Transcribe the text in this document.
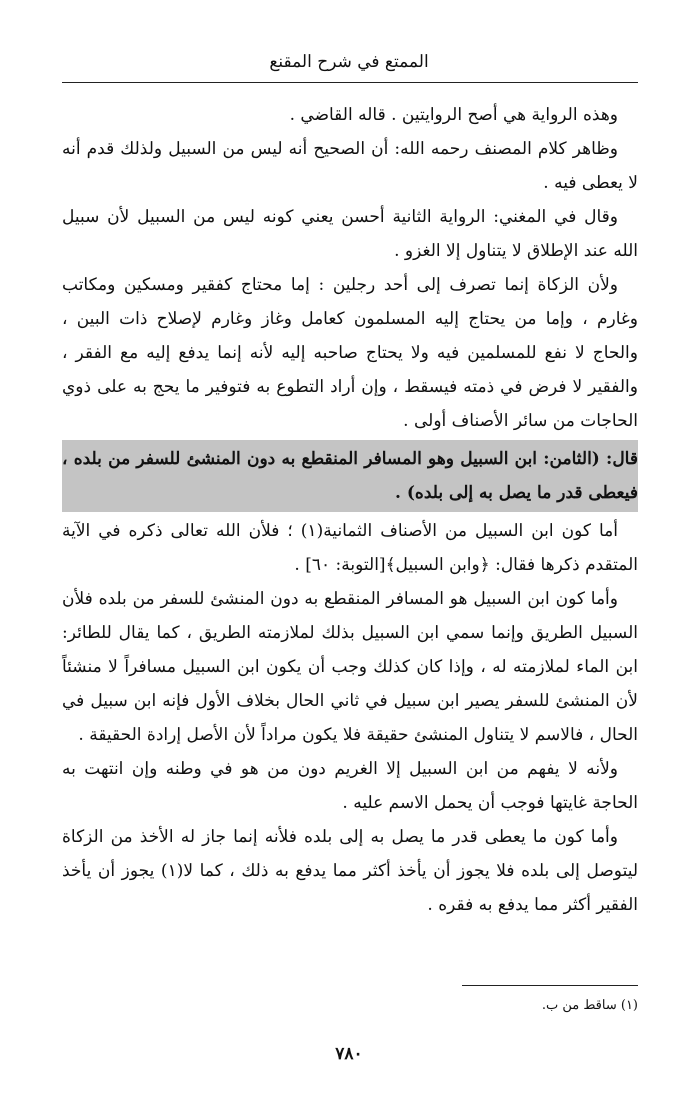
الممتع في شرح المقنع

وهذه الرواية هي أصح الروايتين . قاله القاضي .

وظاهر كلام المصنف رحمه الله: أن الصحيح أنه ليس من السبيل ولذلك قدم أنه لا يعطى فيه .

وقال في المغني: الرواية الثانية أحسن يعني كونه ليس من السبيل لأن سبيل الله عند الإطلاق لا يتناول إلا الغزو .

ولأن الزكاة إنما تصرف إلى أحد رجلين : إما محتاج كفقير ومسكين ومكاتب وغارم ، وإما من يحتاج إليه المسلمون كعامل وغاز وغارم لإصلاح ذات البين ، والحاج لا نفع للمسلمين فيه ولا يحتاج صاحبه إليه لأنه إنما يدفع إليه مع الفقر ، والفقير لا فرض في ذمته فيسقط ، وإن أراد التطوع به فتوفير ما يحج به على ذوي الحاجات من سائر الأصناف أولى .

قال: (الثامن: ابن السبيل وهو المسافر المنقطع به دون المنشئ للسفر من بلده ، فيعطى قدر ما يصل به إلى بلده) .

أما كون ابن السبيل من الأصناف الثمانية(١) ؛ فلأن الله تعالى ذكره في الآية المتقدم ذكرها فقال: ﴿وابن السبيل﴾[التوبة: ٦٠] .

وأما كون ابن السبيل هو المسافر المنقطع به دون المنشئ للسفر من بلده فلأن السبيل الطريق وإنما سمي ابن السبيل بذلك لملازمته الطريق ، كما يقال للطائر: ابن الماء لملازمته له ، وإذا كان كذلك وجب أن يكون ابن السبيل مسافراً لا منشئاً لأن المنشئ للسفر يصير ابن سبيل في ثاني الحال بخلاف الأول فإنه ابن سبيل في الحال ، فالاسم لا يتناول المنشئ حقيقة فلا يكون مراداً لأن الأصل إرادة الحقيقة .

ولأنه لا يفهم من ابن السبيل إلا الغريم دون من هو في وطنه وإن انتهت به الحاجة غايتها فوجب أن يحمل الاسم عليه .

وأما كون ما يعطى قدر ما يصل به إلى بلده فلأنه إنما جاز له الأخذ من الزكاة ليتوصل إلى بلده فلا يجوز أن يأخذ أكثر مما يدفع به ذلك ، كما لا(١) يجوز أن يأخذ الفقير أكثر مما يدفع به فقره .

(١) ساقط من ب.
٧٨٠
